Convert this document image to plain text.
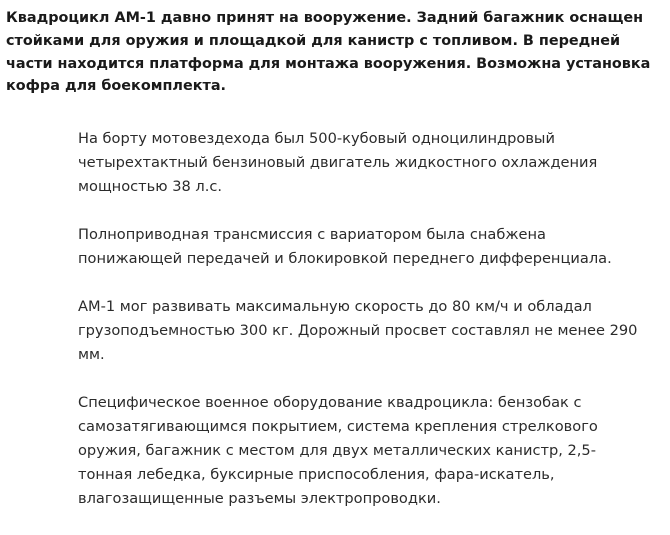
Квадроцикл АМ-1 давно принят на вооружение. Задний багажник оснащен стойками для оружия и площадкой для канистр с топливом. В передней части находится платформа для монтажа вооружения. Возможна установка кофра для боекомплекта.

На борту мотовездехода был 500-кубовый одноцилиндровый четырехтактный бензиновый двигатель жидкостного охлаждения мощностью 38 л.с.

Полноприводная трансмиссия с вариатором была снабжена понижающей передачей и блокировкой переднего дифференциала.

АМ-1 мог развивать максимальную скорость до 80 км/ч и обладал грузоподъемностью 300 кг. Дорожный просвет составлял не менее 290 мм.

Специфическое военное оборудование квадроцикла: бензобак с самозатягивающимся покрытием, система крепления стрелкового оружия, багажник с местом для двух металлических канистр, 2,5-тонная лебедка, буксирные приспособления, фара-искатель, влагозащищенные разъемы электропроводки.
